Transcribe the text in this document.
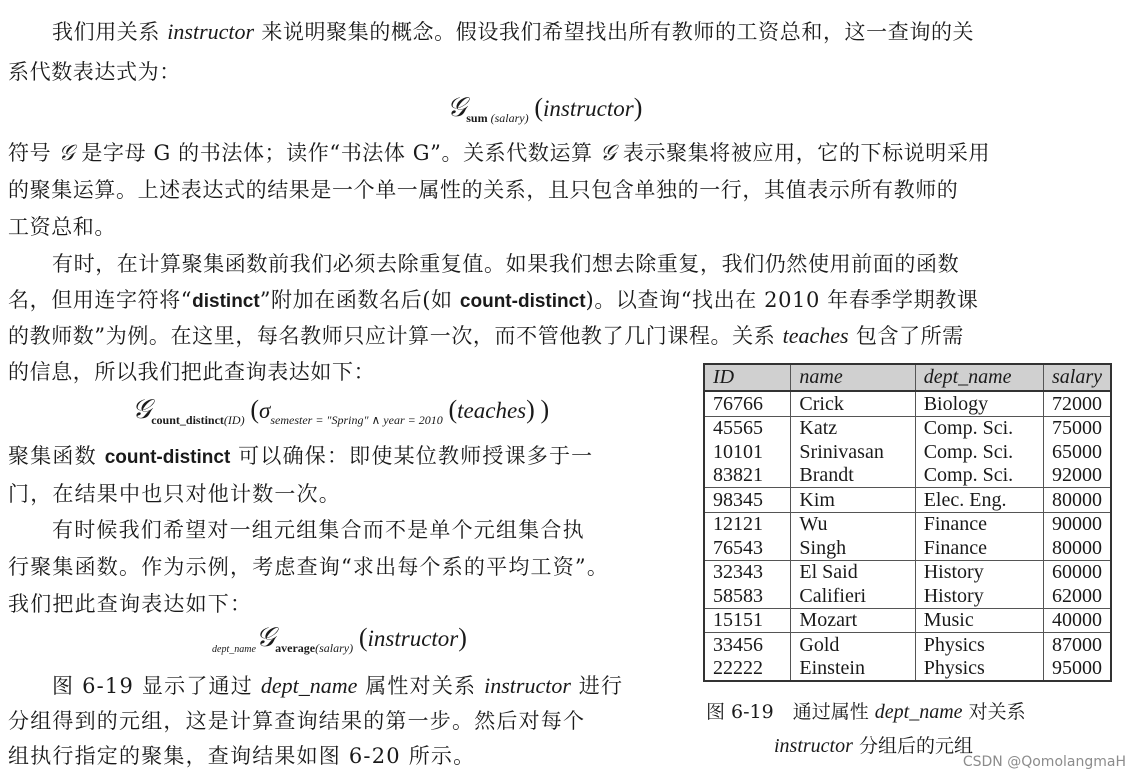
我们用关系 instructor 来说明聚集的概念。假设我们希望找出所有教师的工资总和，这一查询的关
系代数表达式为：
𝒢$_{sum (salary)}$ (instructor)
符号 𝒢 是字母 G 的书法体；读作“书法体 G”。关系代数运算 𝒢 表示聚集将被应用，它的下标说明采用
的聚集运算。上述表达式的结果是一个单一属性的关系，且只包含单独的一行，其值表示所有教师的
工资总和。
有时，在计算聚集函数前我们必须去除重复值。如果我们想去除重复，我们仍然使用前面的函数
名，但用连字符将“distinct”附加在函数名后(如 count-distinct)。以查询“找出在 2010 年春季学期教课
的教师数”为例。在这里，每名教师只应计算一次，而不管他教了几门课程。关系 teaches 包含了所需
的信息，所以我们把此查询表达如下：
𝒢$_{count\_distinct(ID)}$ ($\sigma_{semester = "Spring" \wedge year = 2010}$ (teaches) )
聚集函数 count-distinct 可以确保：即使某位教师授课多于一
门，在结果中也只对他计数一次。
有时候我们希望对一组元组集合而不是单个元组集合执
行聚集函数。作为示例，考虑查询“求出每个系的平均工资”。
我们把此查询表达如下：
$_{dept\_name}$𝒢$_{average(salary)}$ (instructor)
图 6-19 显示了通过 dept_name 属性对关系 instructor 进行
分组得到的元组，这是计算查询结果的第一步。然后对每个
组执行指定的聚集，查询结果如图 6-20 所示。
ID	name	dept_name	salary
76766	Crick	Biology	72000
45565	Katz	Comp. Sci.	75000
10101	Srinivasan	Comp. Sci.	65000
83821	Brandt	Comp. Sci.	92000
98345	Kim	Elec. Eng.	80000
12121	Wu	Finance	90000
76543	Singh	Finance	80000
32343	El Said	History	60000
58583	Califieri	History	62000
15151	Mozart	Music	40000
33456	Gold	Physics	87000
22222	Einstein	Physics	95000
图 6-19　通过属性 dept_name 对关系
instructor 分组后的元组
CSDN @QomolangmaH
